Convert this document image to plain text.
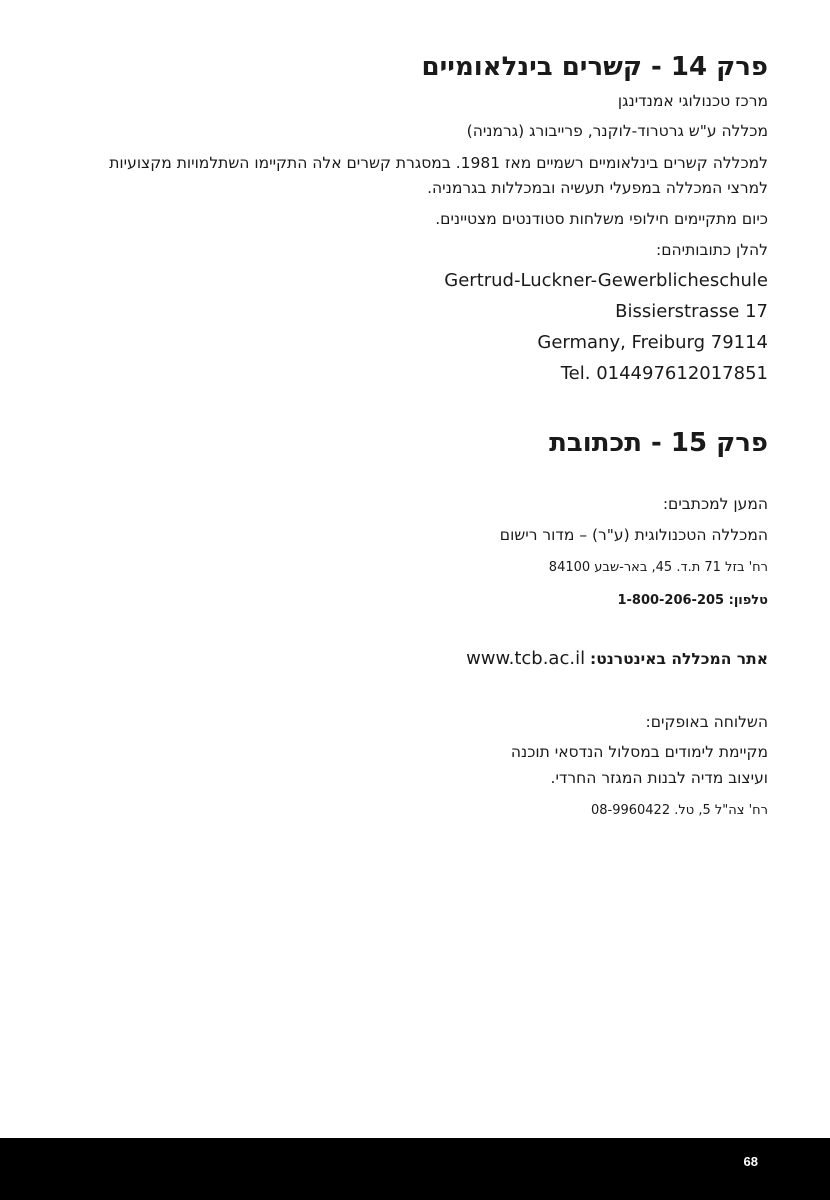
פרק 14 - קשרים בינלאומיים
מרכז טכנולוגי אמנדינגן
מכללה ע"ש גרטרוד-לוקנר, פרייבורג (גרמניה)
למכללה קשרים בינלאומיים רשמיים מאז 1981. במסגרת קשרים אלה התקיימו השתלמויות מקצועיות למרצי המכללה במפעלי תעשיה ובמכללות בגרמניה.
כיום מתקיימים חילופי משלחות סטודנטים מצטיינים.
להלן כתובותיהם:
Gertrud-Luckner-Gewerblicheschule
Bissierstrasse 17
Germany, Freiburg 79114
Tel. 014497612017851
פרק 15 - תכתובת
המען למכתבים:
המכללה הטכנולוגית (ע"ר) – מדור רישום
רח' בזל 71 ת.ד. 45, באר-שבע 84100
טלפון: 1-800-206-205
אתר המכללה באינטרנט: www.tcb.ac.il
השלוחה באופקים:
מקיימת לימודים במסלול הנדסאי תוכנה
ועיצוב מדיה לבנות המגזר החרדי.
רח' צה"ל 5, טל. 08-9960422
68
